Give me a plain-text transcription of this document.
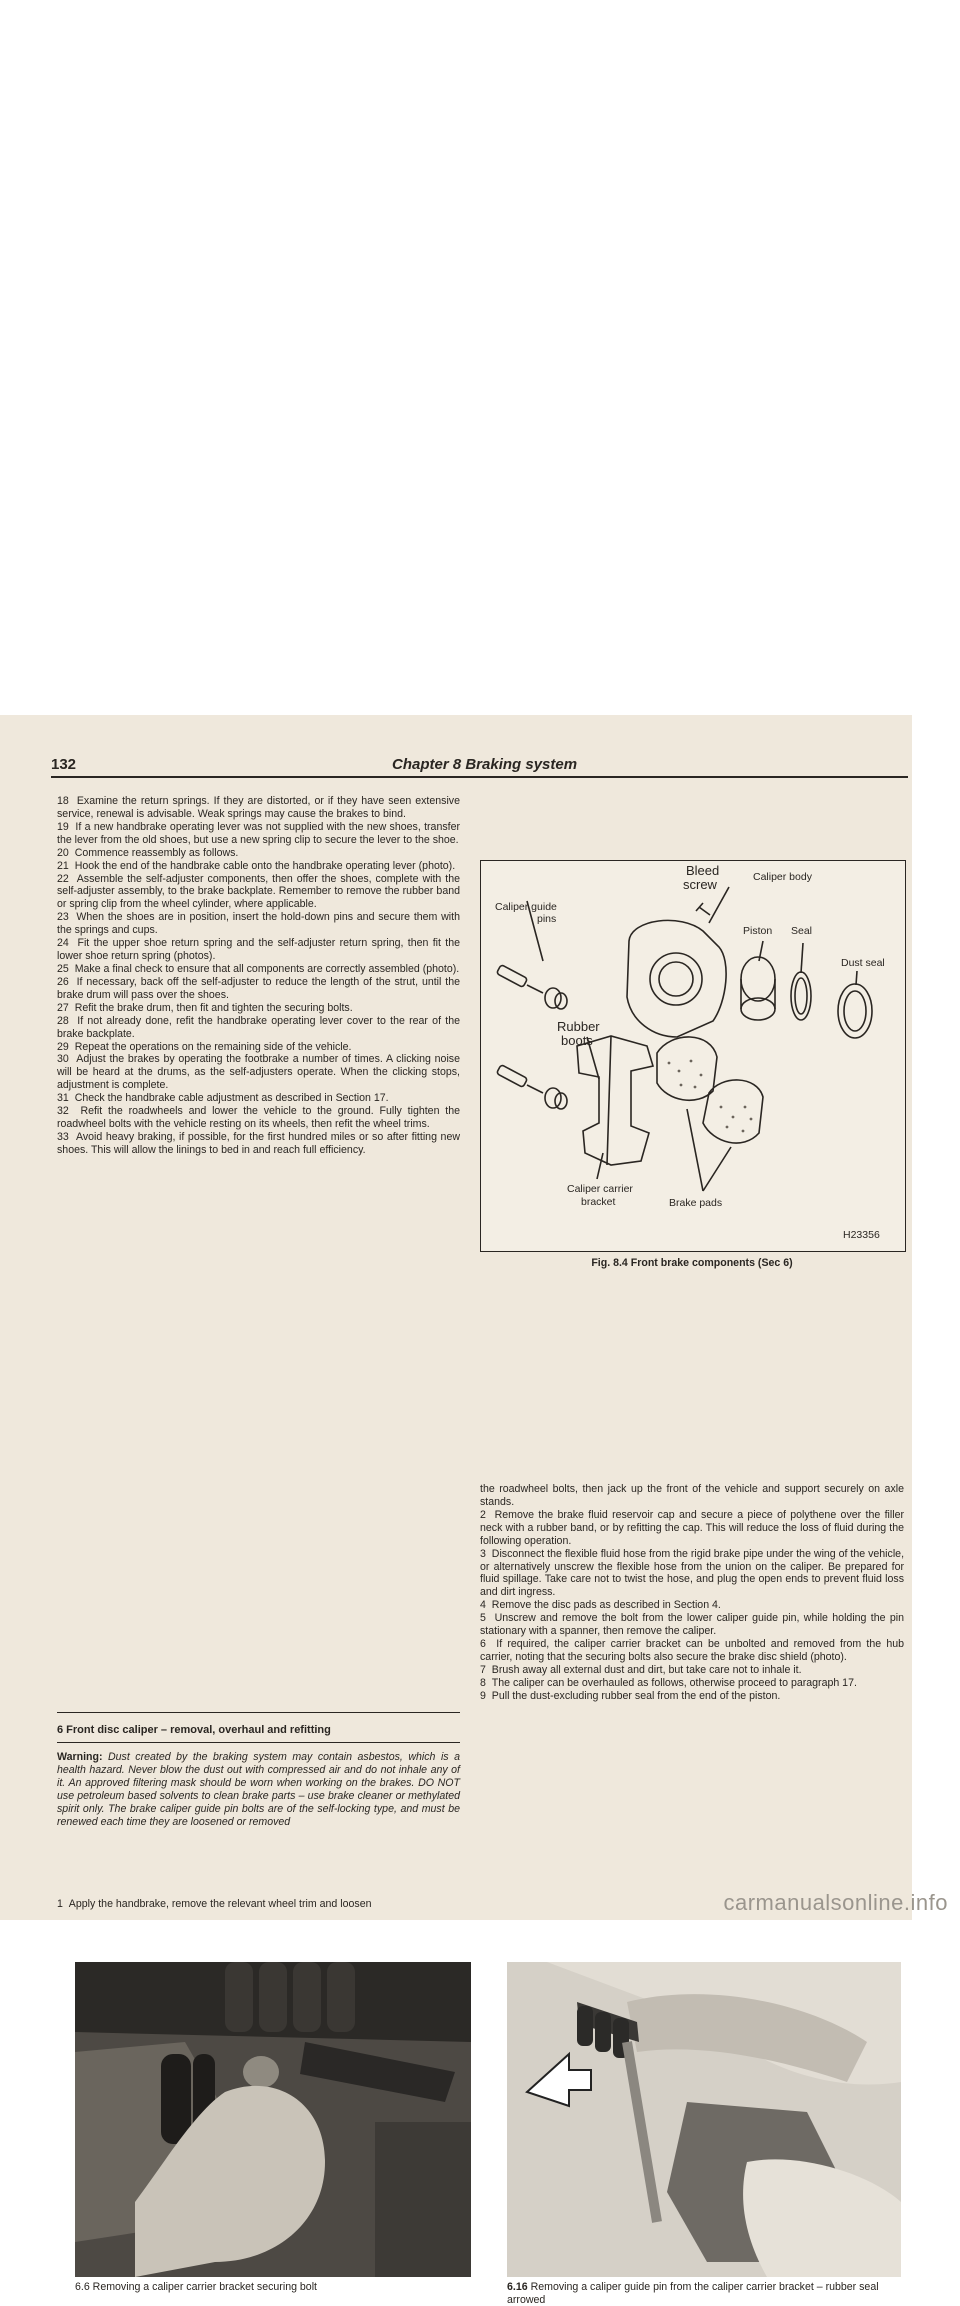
132	Chapter 8 Braking system

18 Examine the return springs. If they are distorted, or if they have seen extensive service, renewal is advisable. Weak springs may cause the brakes to bind.

19 If a new handbrake operating lever was not supplied with the new shoes, transfer the lever from the old shoes, but use a new spring clip to secure the lever to the shoe.

20 Commence reassembly as follows.

21 Hook the end of the handbrake cable onto the handbrake operating lever (photo).

22 Assemble the self-adjuster components, then offer the shoes, complete with the self-adjuster assembly, to the brake backplate. Remember to remove the rubber band or spring clip from the wheel cylinder, where applicable.

23 When the shoes are in position, insert the hold-down pins and secure them with the springs and cups.

24 Fit the upper shoe return spring and the self-adjuster return spring, then fit the lower shoe return spring (photos).

25 Make a final check to ensure that all components are correctly assembled (photo).

26 If necessary, back off the self-adjuster to reduce the length of the strut, until the brake drum will pass over the shoes.

27 Refit the brake drum, then fit and tighten the securing bolts.

28 If not already done, refit the handbrake operating lever cover to the rear of the brake backplate.

29 Repeat the operations on the remaining side of the vehicle.

30 Adjust the brakes by operating the footbrake a number of times. A clicking noise will be heard at the drums, as the self-adjusters operate. When the clicking stops, adjustment is complete.

31 Check the handbrake cable adjustment as described in Section 17.

32 Refit the roadwheels and lower the vehicle to the ground. Fully tighten the roadwheel bolts with the vehicle resting on its wheels, then refit the wheel trims.

33 Avoid heavy braking, if possible, for the first hundred miles or so after fitting new shoes. This will allow the linings to bed in and reach full efficiency.

6 Front disc caliper – removal, overhaul and refitting
Warning: Dust created by the braking system may contain asbestos, which is a health hazard. Never blow the dust out with compressed air and do not inhale any of it. An approved filtering mask should be worn when working on the brakes. DO NOT use petroleum based solvents to clean brake parts – use brake cleaner or methylated spirit only. The brake caliper guide pin bolts are of the self-locking type, and must be renewed each time they are loosened or removed
1 Apply the handbrake, remove the relevant wheel trim and loosen
Bleed
screw	Caliper body
Caliper guide
pins
Piston Seal
Dust seal
Rubber
boots
Caliper carrier
bracket	Brake pads
H23356
Fig. 8.4 Front brake components (Sec 6)

the roadwheel bolts, then jack up the front of the vehicle and support securely on axle stands.

2 Remove the brake fluid reservoir cap and secure a piece of polythene over the filler neck with a rubber band, or by refitting the cap. This will reduce the loss of fluid during the following operation.

3 Disconnect the flexible fluid hose from the rigid brake pipe under the wing of the vehicle, or alternatively unscrew the flexible hose from the union on the caliper. Be prepared for fluid spillage. Take care not to twist the hose, and plug the open ends to prevent fluid loss and dirt ingress.

4 Remove the disc pads as described in Section 4.

5 Unscrew and remove the bolt from the lower caliper guide pin, while holding the pin stationary with a spanner, then remove the caliper.

6 If required, the caliper carrier bracket can be unbolted and removed from the hub carrier, noting that the securing bolts also secure the brake disc shield (photo).

7 Brush away all external dust and dirt, but take care not to inhale it.

8 The caliper can be overhauled as follows, otherwise proceed to paragraph 17.

9 Pull the dust-excluding rubber seal from the end of the piston.

6.6 Removing a caliper carrier bracket securing bolt	6.16 Removing a caliper guide pin from the caliper carrier bracket – rubber seal arrowed
carmanualsonline.info
